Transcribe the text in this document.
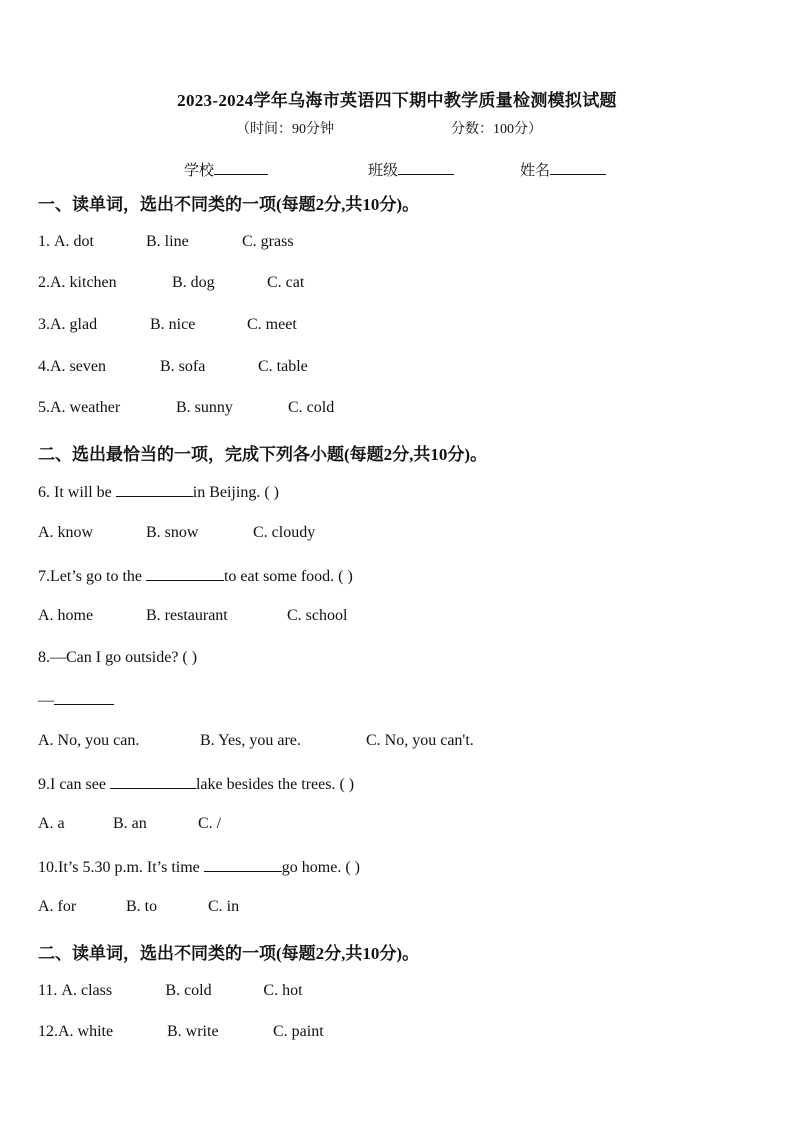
2023-2024学年乌海市英语四下期中教学质量检测模拟试题
（时间：90分钟	分数：100分）
学校	班级	姓名
一、读单词，选出不同类的一项(每题2分,共10分)。
1. A. dot	B. line	C. grass
2.A. kitchen	B. dog	C. cat
3.A. glad	B. nice	C. meet
4.A. seven	B. sofa	C. table
5.A. weather	B. sunny	C. cold
二、选出最恰当的一项，完成下列各小题(每题2分,共10分)。
6. It will be	in Beijing. ( )
A. know	B. snow	C. cloudy
7.Let’s go to the	to eat some food. ( )
A. home	B. restaurant	C. school
8.—Can I go outside? ( )
—
A. No, you can.	B. Yes, you are.	C. No, you can't.
9.I can see	lake besides the trees. ( )
A. a	B. an	C. /
10.It’s 5.30 p.m. It’s time	go home. ( )
A. for	B. to	C. in
二、读单词，选出不同类的一项(每题2分,共10分)。
11. A. class	B. cold	C. hot
12.A. white	B. write	C. paint
